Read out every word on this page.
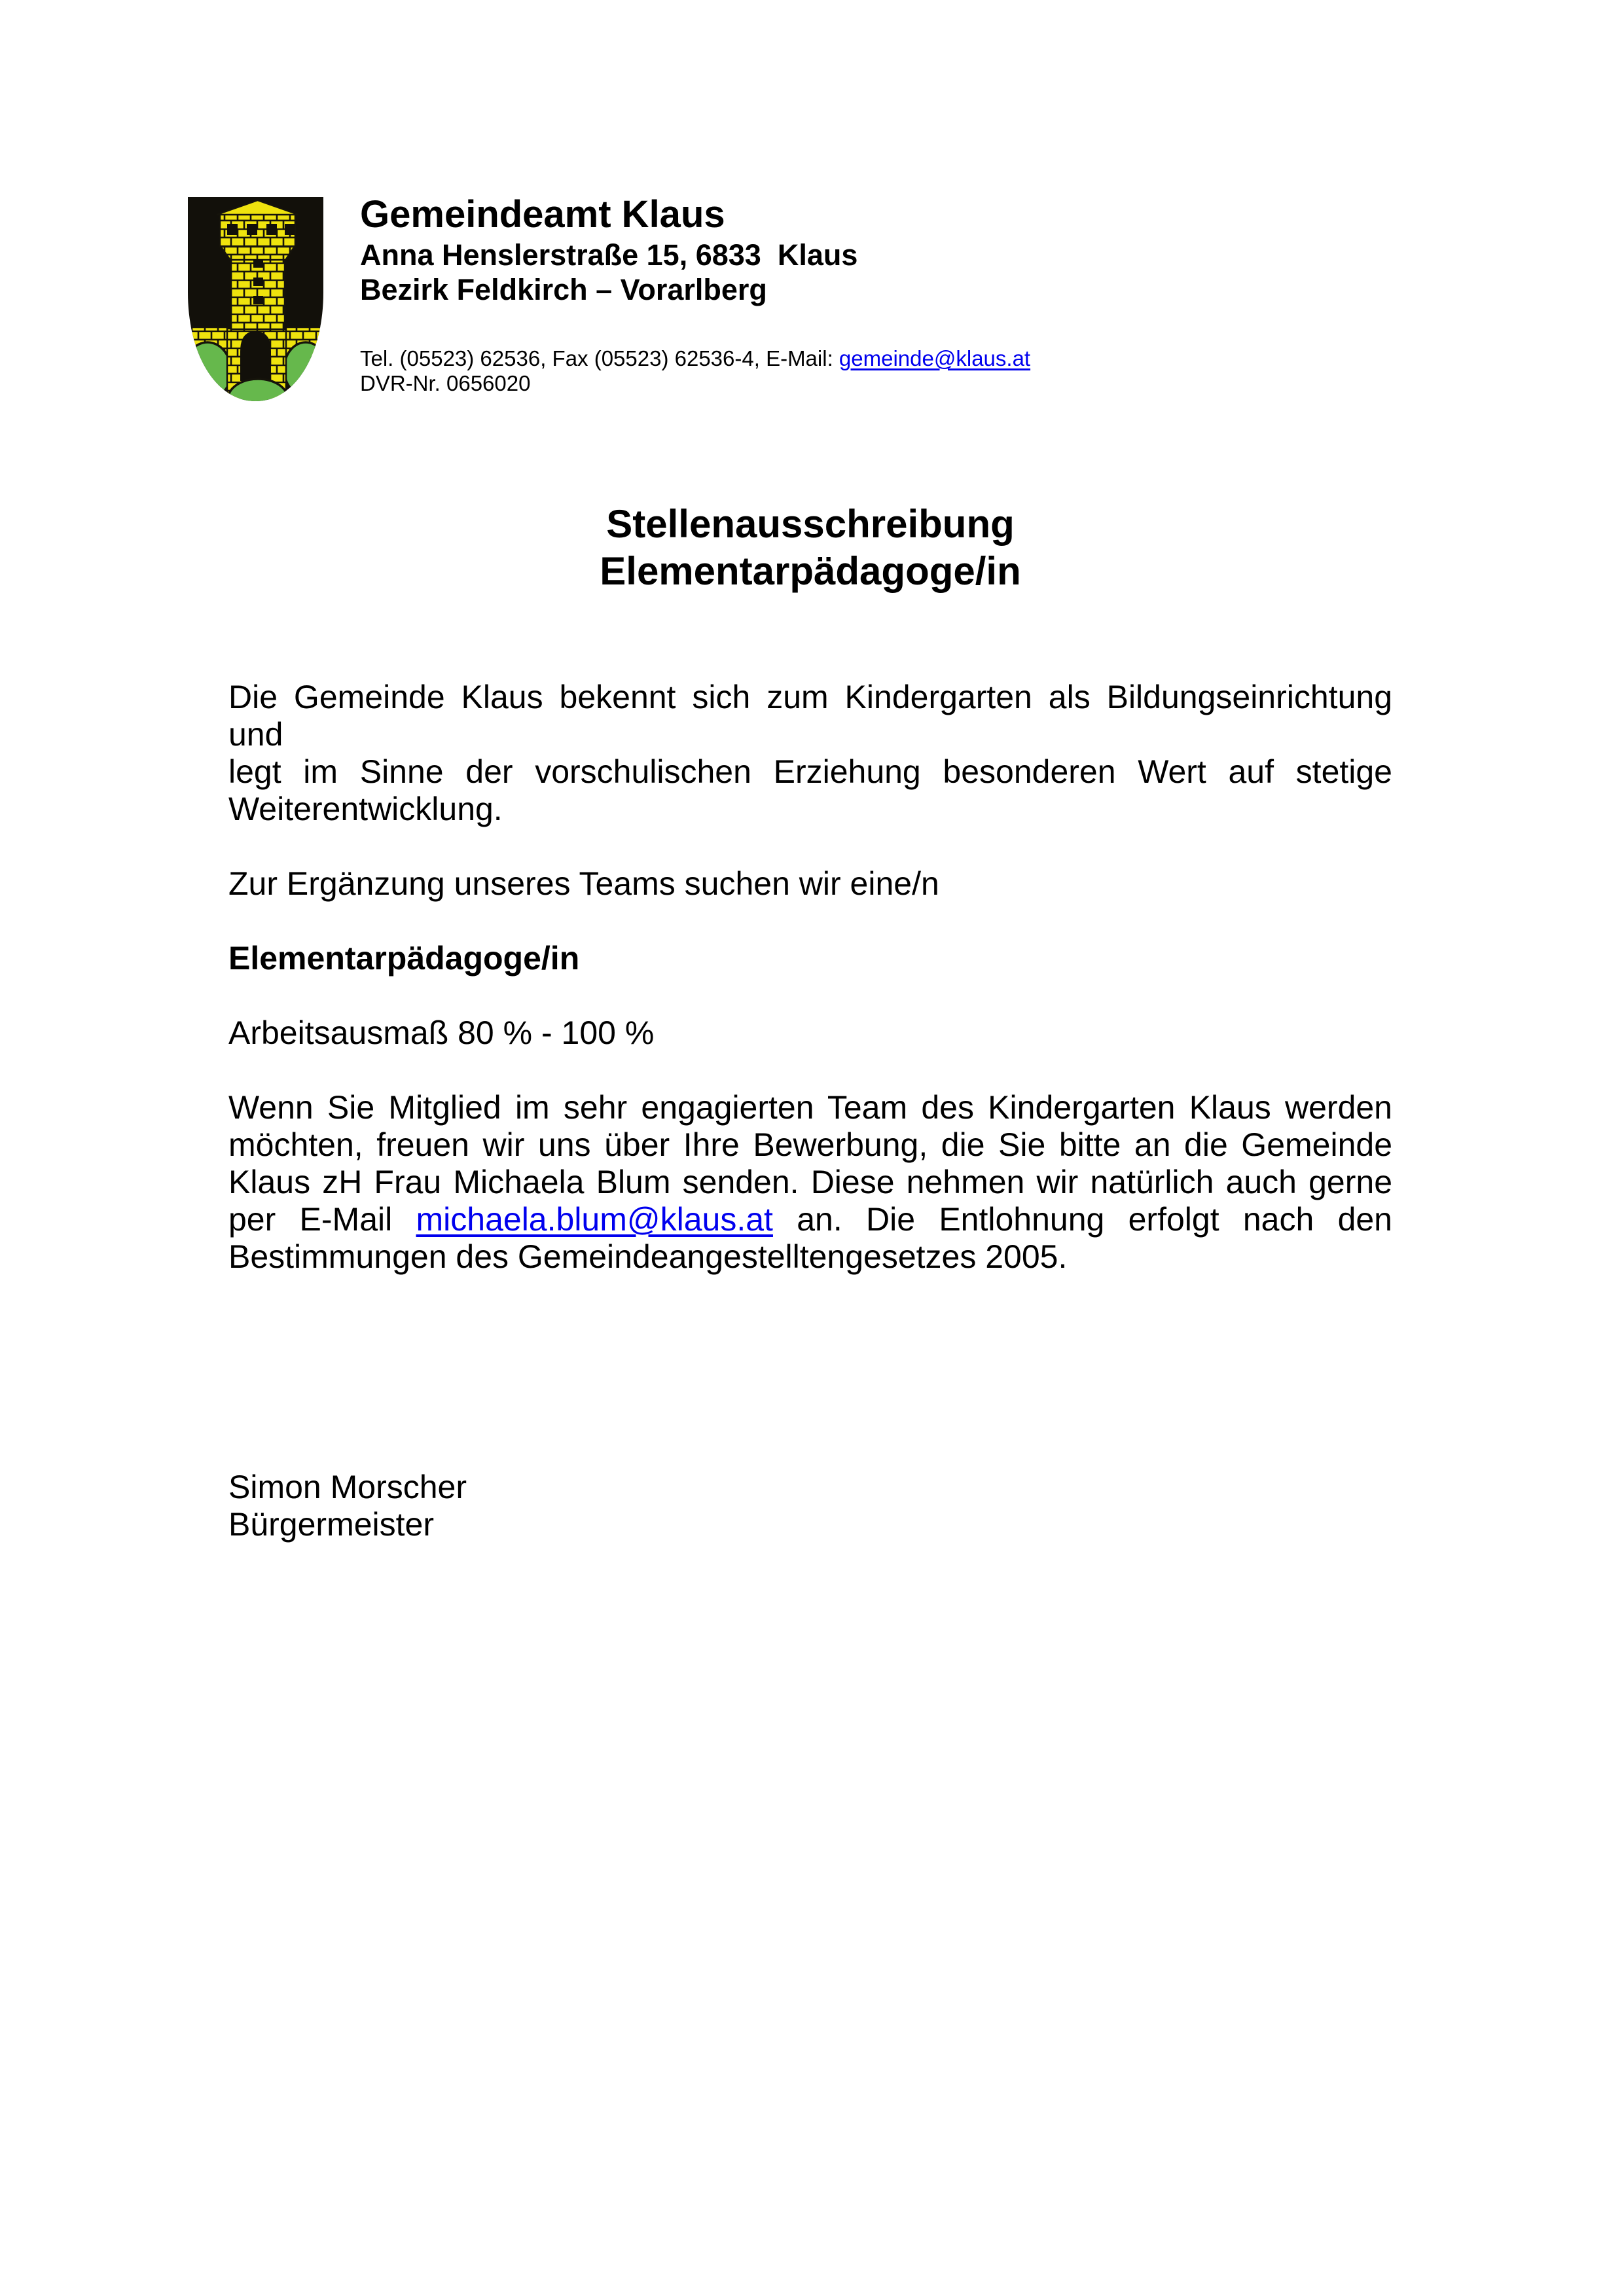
Gemeindeamt Klaus
Anna Henslerstraße 15, 6833  Klaus
Bezirk Feldkirch – Vorarlberg
Tel. (05523) 62536, Fax (05523) 62536-4, E-Mail: gemeinde@klaus.at
DVR-Nr. 0656020
Stellenausschreibung
Elementarpädagoge/in
Die Gemeinde Klaus bekennt sich zum Kindergarten als Bildungseinrichtung und
legt im Sinne der vorschulischen Erziehung besonderen Wert auf stetige
Weiterentwicklung.
Zur Ergänzung unseres Teams suchen wir eine/n
Elementarpädagoge/in
Arbeitsausmaß 80 % - 100 %
Wenn Sie Mitglied im sehr engagierten Team des Kindergarten Klaus werden
möchten, freuen wir uns über Ihre Bewerbung, die Sie bitte an die Gemeinde
Klaus zH Frau Michaela Blum senden. Diese nehmen wir natürlich auch gerne
per E-Mail michaela.blum@klaus.at an. Die Entlohnung erfolgt nach den
Bestimmungen des Gemeindeangestelltengesetzes 2005.
Simon Morscher
Bürgermeister
